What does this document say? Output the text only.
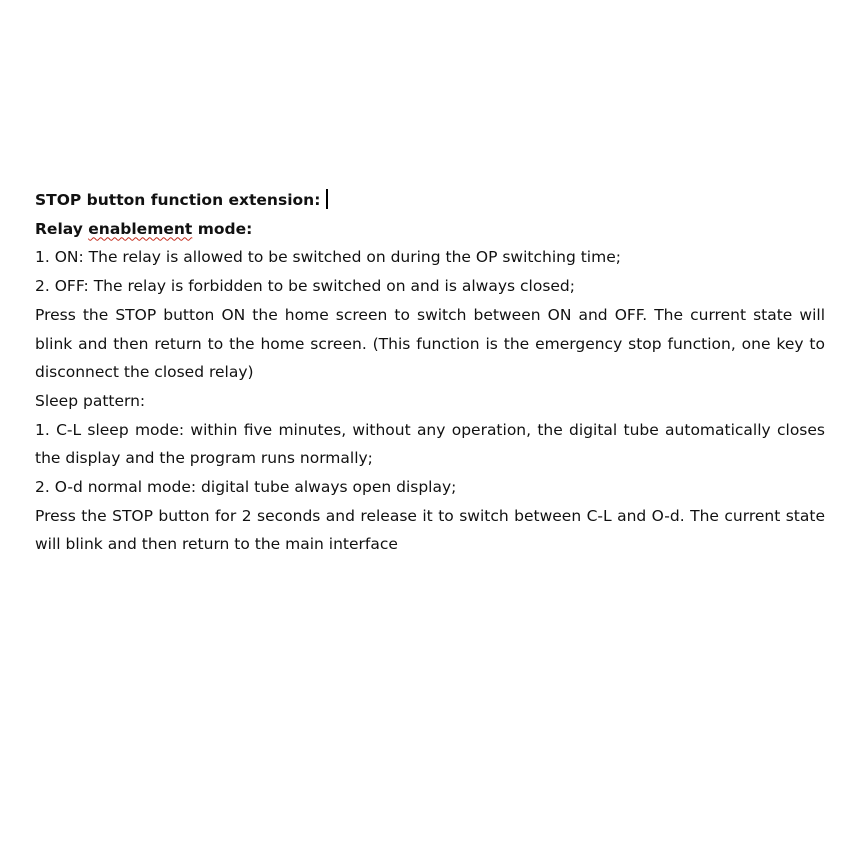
STOP button function extension:
Relay enablement mode:
1. ON: The relay is allowed to be switched on during the OP switching time;
2. OFF: The relay is forbidden to be switched on and is always closed;
Press the STOP button ON the home screen to switch between ON and OFF. The current state will blink and then return to the home screen. (This function is the emergency stop function, one key to disconnect the closed relay)
Sleep pattern:
1. C-L sleep mode: within five minutes, without any operation, the digital tube automatically closes the display and the program runs normally;
2. O-d normal mode: digital tube always open display;
Press the STOP button for 2 seconds and release it to switch between C-L and O-d. The current state will blink and then return to the main interface
